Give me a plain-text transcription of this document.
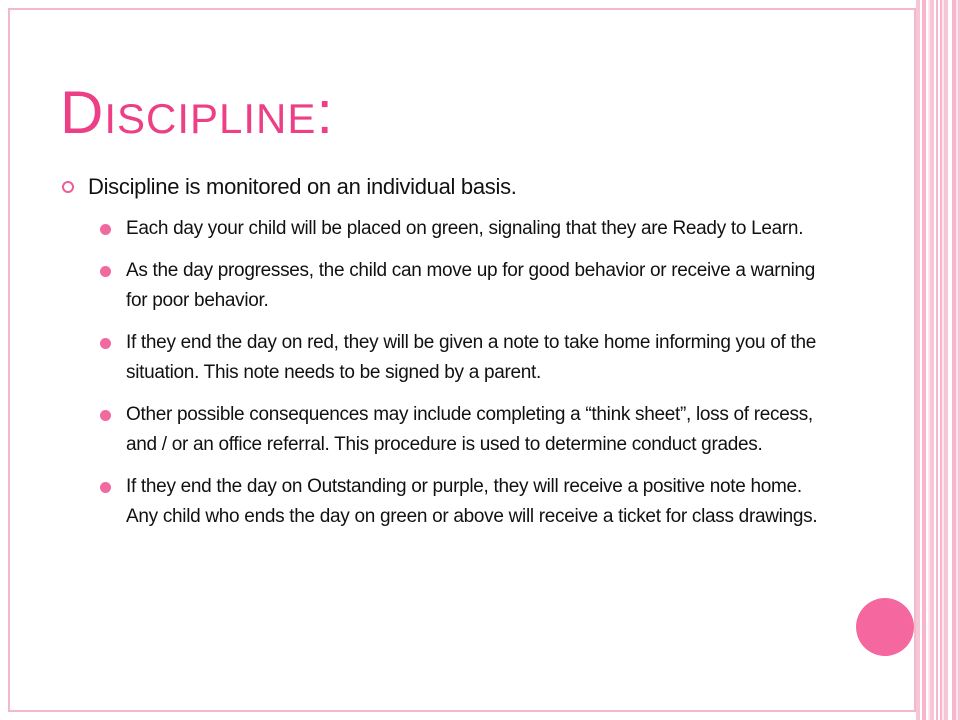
Discipline:
Discipline is monitored on an individual basis.
Each day your child will be placed on green, signaling that they are Ready to Learn.
As the day progresses, the child can move up for good behavior or receive a warning for poor behavior.
If they end the day on red, they will be given a note to take home informing you of the situation. This note needs to be signed by a parent.
Other possible consequences may include completing a “think sheet”, loss of recess, and / or an office referral. This procedure is used to determine conduct grades.
If they end the day on Outstanding or purple, they will receive a positive note home. Any child who ends the day on green or above will receive a ticket for class drawings.
